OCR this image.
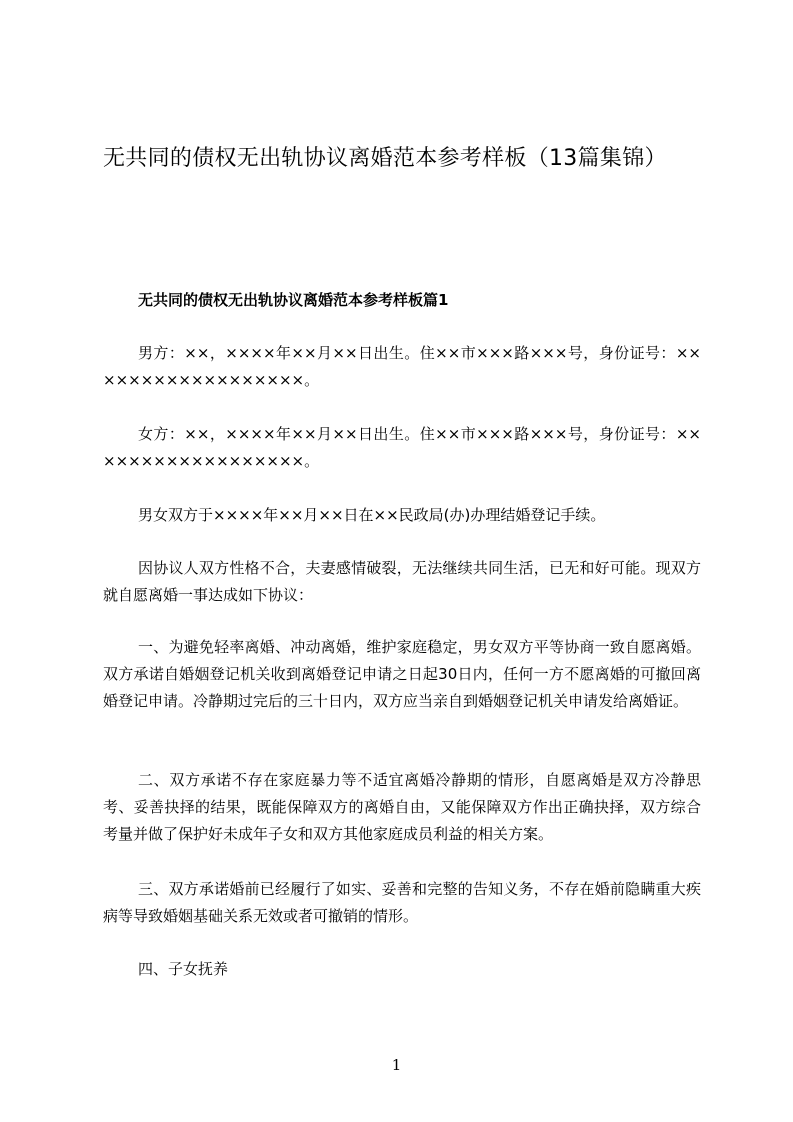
无共同的债权无出轨协议离婚范本参考样板（13篇集锦）
无共同的债权无出轨协议离婚范本参考样板篇1

男方：××，××××年××月××日出生。住××市×××路×××号，身份证号：××××××××××××××××××。

女方：××，××××年××月××日出生。住××市×××路×××号，身份证号：××××××××××××××××××。

男女双方于××××年××月××日在××民政局(办)办理结婚登记手续。

因协议人双方性格不合，夫妻感情破裂，无法继续共同生活，已无和好可能。现双方就自愿离婚一事达成如下协议：

一、为避免轻率离婚、冲动离婚，维护家庭稳定，男女双方平等协商一致自愿离婚。双方承诺自婚姻登记机关收到离婚登记申请之日起30日内，任何一方不愿离婚的可撤回离婚登记申请。冷静期过完后的三十日内，双方应当亲自到婚姻登记机关申请发给离婚证。

二、双方承诺不存在家庭暴力等不适宜离婚冷静期的情形，自愿离婚是双方冷静思考、妥善抉择的结果，既能保障双方的离婚自由，又能保障双方作出正确抉择，双方综合考量并做了保护好未成年子女和双方其他家庭成员利益的相关方案。

三、双方承诺婚前已经履行了如实、妥善和完整的告知义务，不存在婚前隐瞒重大疾病等导致婚姻基础关系无效或者可撤销的情形。

四、子女抚养

1
